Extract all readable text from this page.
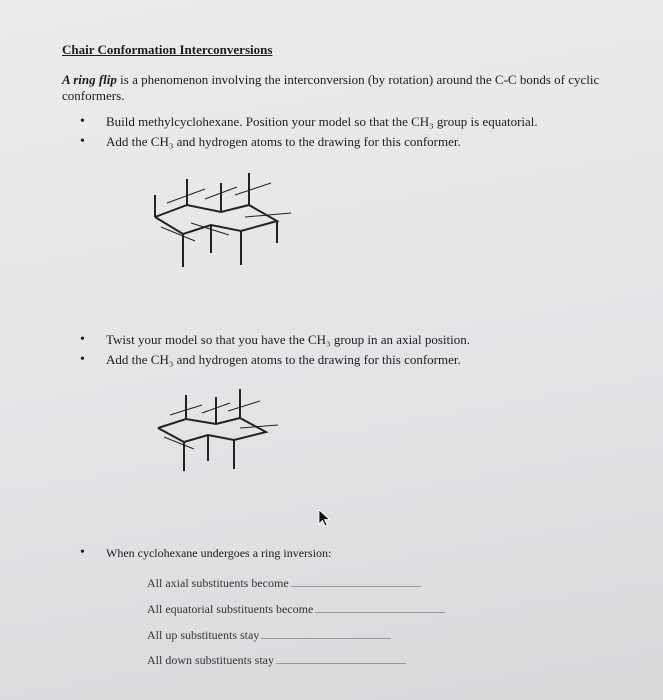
Chair Conformation Interconversions
A ring flip is a phenomenon involving the interconversion (by rotation) around the C-C bonds of cyclic conformers.
•	Build methylcyclohexane. Position your model so that the CH₃ group is equatorial.
•	Add the CH₃ and hydrogen atoms to the drawing for this conformer.
•	Twist your model so that you have the CH₃ group in an axial position.
•	Add the CH₃ and hydrogen atoms to the drawing for this conformer.
•	When cyclohexane undergoes a ring inversion:
All axial substituents become
All equatorial substituents become
All up substituents stay
All down substituents stay
